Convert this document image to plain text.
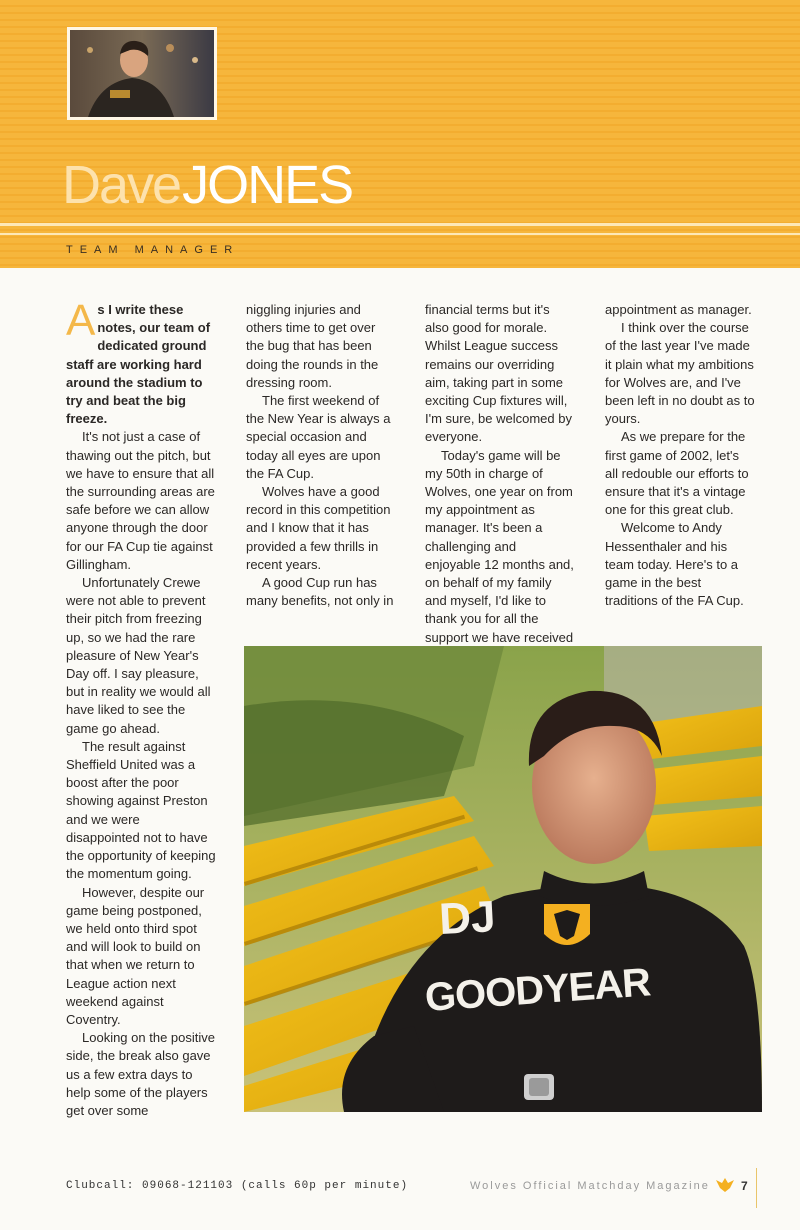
DaveJONES
TEAM MANAGER

As I write these notes, our team of dedicated ground staff are working hard around the stadium to try and beat the big freeze.

It's not just a case of thawing out the pitch, but we have to ensure that all the surrounding areas are safe before we can allow anyone through the door for our FA Cup tie against Gillingham.

Unfortunately Crewe were not able to prevent their pitch from freezing up, so we had the rare pleasure of New Year's Day off. I say pleasure, but in reality we would all have liked to see the game go ahead.

The result against Sheffield United was a boost after the poor showing against Preston and we were disappointed not to have the opportunity of keeping the momentum going.

However, despite our game being postponed, we held onto third spot and will look to build on that when we return to League action next weekend against Coventry.

Looking on the positive side, the break also gave us a few extra days to help some of the players get over some

niggling injuries and others time to get over the bug that has been doing the rounds in the dressing room.

The first weekend of the New Year is always a special occasion and today all eyes are upon the FA Cup.

Wolves have a good record in this competition and I know that it has provided a few thrills in recent years.

A good Cup run has many benefits, not only in

financial terms but it's also good for morale. Whilst League success remains our overriding aim, taking part in some exciting Cup fixtures will, I'm sure, be welcomed by everyone.

Today's game will be my 50th in charge of Wolves, one year on from my appointment as manager. It's been a challenging and enjoyable 12 months and, on behalf of my family and myself, I'd like to thank you for all the support we have received

appointment as manager.

I think over the course of the last year I've made it plain what my ambitions for Wolves are, and I've been left in no doubt as to yours.

As we prepare for the first game of 2002, let's all redouble our efforts to ensure that it's a vintage one for this great club.

Welcome to Andy Hessenthaler and his team today. Here's to a game in the best traditions of the FA Cup.

DJ
GOODYEAR
Clubcall: 09068-121103 (calls 60p per minute)	Wolves Official Matchday Magazine	7
